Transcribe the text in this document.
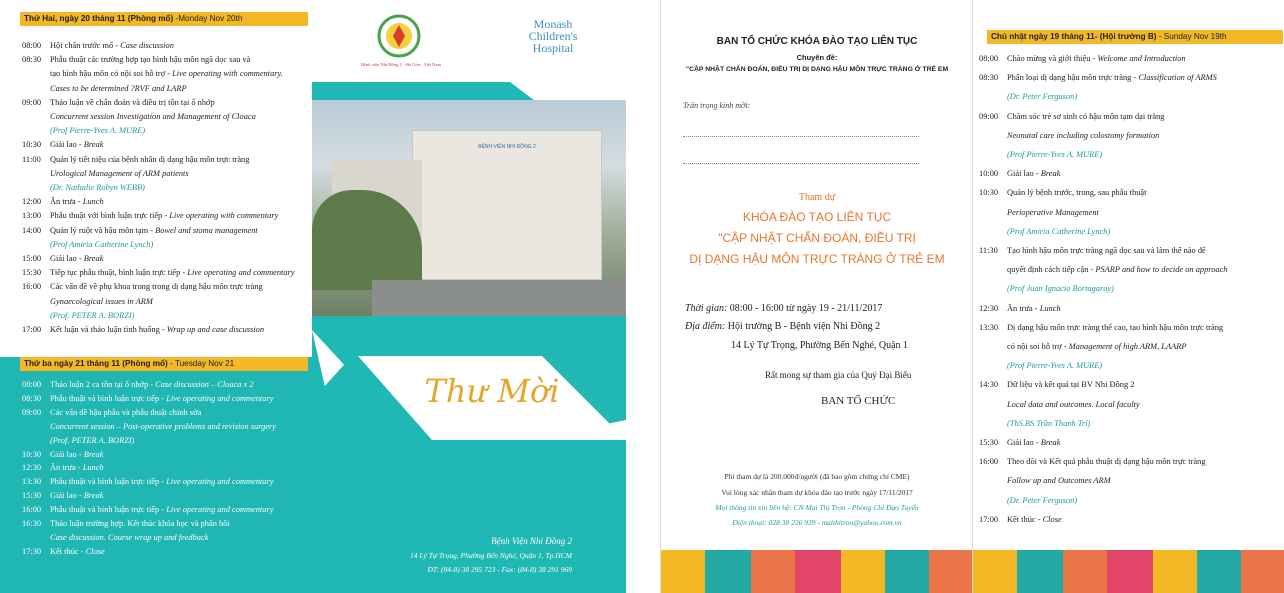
Thứ Hai, ngày 20 tháng 11 (Phòng mổ) -Monday Nov 20th
08:00	Hội chẩn trước mổ - Case discussion
08:30	Phẫu thuật các trường hợp tạo hình hậu môn ngã dọc sau và
tạo hình hậu môn có nội soi hỗ trợ - Live operating with commentary.
Cases to be determined ?RVF and LARP
09:00	Thảo luận về chẩn đoán và điều trị tồn tại ổ nhớp
Concurrent session Investigation and Management of Cloaca
(Prof Pierre-Yves A. MURE)
10:30	Giải lao - Break
11:00	Quản lý tiết niệu của bệnh nhân dị dạng hậu môn trực tràng
Urological Management of ARM patients
(Dr. Nathalie Robyn WEBB)
12:00	Ăn trưa - Lunch
13:00	Phẫu thuật với bình luận trực tiếp - Live operating with commentary
14:00	Quản lý ruột và hậu môn tạm - Bowel and stoma management
(Prof Amiria Catherine Lynch)
15:00	Giải lao - Break
15:30	Tiếp tục phẫu thuật, bình luận trực tiếp - Live operating and commentary
16:00	Các vấn đề về phụ khoa trong trong dị dạng hậu môn trực tràng
Gynaecological issues in ARM
(Prof. PETER A. BORZI)
17:00	Kết luận và thảo luận tình huống - Wrap up and case discussion
Thứ ba ngày 21 tháng 11 (Phòng mổ) - Tuesday Nov 21
08:00	Thảo luận 2 ca tồn tại ổ nhớp - Case discussion – Cloaca x 2
08:30	Phẫu thuật và bình luận trực tiếp - Live operating and commentary
09:00	Các vấn đề hậu phẫu và phẫu thuật chỉnh sửa
Concurrent session – Post-operative problems and revision surgery
(Prof. PETER A. BORZI)
10:30	Giải lao - Break
12:30	Ăn trưa - Lunch
13:30	Phẫu thuật và bình luận trực tiếp - Live operating and commentary
15:30	Giải lao - Break
16:00	Phẫu thuật và bình luận trực tiếp - Live operating and commentary
16:30	Thảo luận trường hợp. Kết thúc khóa học và phân hồi
Case discussion. Course wrap up and feedback
17:30	Kết thúc - Close
Bệnh viện Nhi Đồng 2 - Sài Gòn - Việt Nam
Monash
Children's
Hospital
BỆNH VIỆN NHI ĐỒNG 2
Thư Mời
Bệnh Viện Nhi Đồng 2
14 Lý Tự Trọng, Phường Bến Nghé, Quận 1, Tp.HCM
ĐT: (84-8) 38 295 723 - Fax: (84-8) 38 291 969
BAN TỔ CHỨC KHÓA ĐÀO TẠO LIÊN TỤC
Chuyên đề:
"CẬP NHẬT CHẨN ĐOÁN, ĐIỀU TRỊ DỊ DẠNG HẬU MÔN TRỰC TRÀNG Ở TRẺ EM
Trân trọng kính mời:
Tham dự
KHÓA ĐÀO TẠO LIÊN TỤC
"CẬP NHẬT CHẨN ĐOÁN, ĐIỀU TRỊ
DỊ DẠNG HẬU MÔN TRỰC TRÀNG Ở TRẺ EM
Thời gian: 08:00 - 16:00 từ ngày 19 - 21/11/2017
Địa điểm: Hội trường B - Bệnh viện Nhi Đồng 2
14 Lý Tự Trọng, Phường Bến Nghé, Quận 1
Rất mong sự tham gia của Quý Đại Biểu
BAN TỔ CHỨC
Phí tham dự là 200.000đ/người (đã bao gồm chứng chỉ CME)
Vui lòng xác nhận tham dự khóa đào tạo trước ngày 17/11/2017
Mọi thông tin xin liên hệ: CN Mai Thị Trọn - Phòng Chỉ Đạo Tuyến
Điện thoại: 028 38 226 939 - maithitron@yahoo.com.vn
Chủ nhật ngày 19 tháng 11- (Hội trường B) - Sunday Nov 19th
08:00	Chào mừng và giới thiệu - Welcome and Introduction
08:30	Phân loại dị dạng hậu môn trực tràng - Classification of ARMS
(Dr. Peter Ferguson)
09:00	Chăm sóc trẻ sơ sinh có hậu môn tạm dại tràng
Neonatal care including colostomy formation
(Prof Pierre-Yves A. MURE)
10:00	Giải lao - Break
10:30	Quản lý bệnh trước, trong, sau phẫu thuật
Perioperative Management
(Prof Amiria Catherine Lynch)
11:30	Tạo hình hậu môn trực tràng ngã dọc sau và làm thế nào để
quyết định cách tiếp cận - PSARP and how to decide on approach
(Prof Juan Ignacio Bortagaray)
12:30	Ăn trưa - Lunch
13:30	Dị dạng hậu môn trực tràng thể cao, tạo hình hậu môn trực tràng
có nội soi hỗ trợ - Management of high ARM, LAARP
(Prof Pierre-Yves A. MURE)
14:30	Dữ liệu và kết quả tại BV Nhi Đồng 2
Local data and outcomes. Local faculty
(ThS.BS Trần Thanh Trí)
15:30	Giải lao - Break
16:00	Theo dõi và Kết quả phẫu thuật dị dạng hậu môn trực tràng
Follow up and Outcomes ARM
(Dr. Peter Ferguson)
17:00	Kết thúc - Close
